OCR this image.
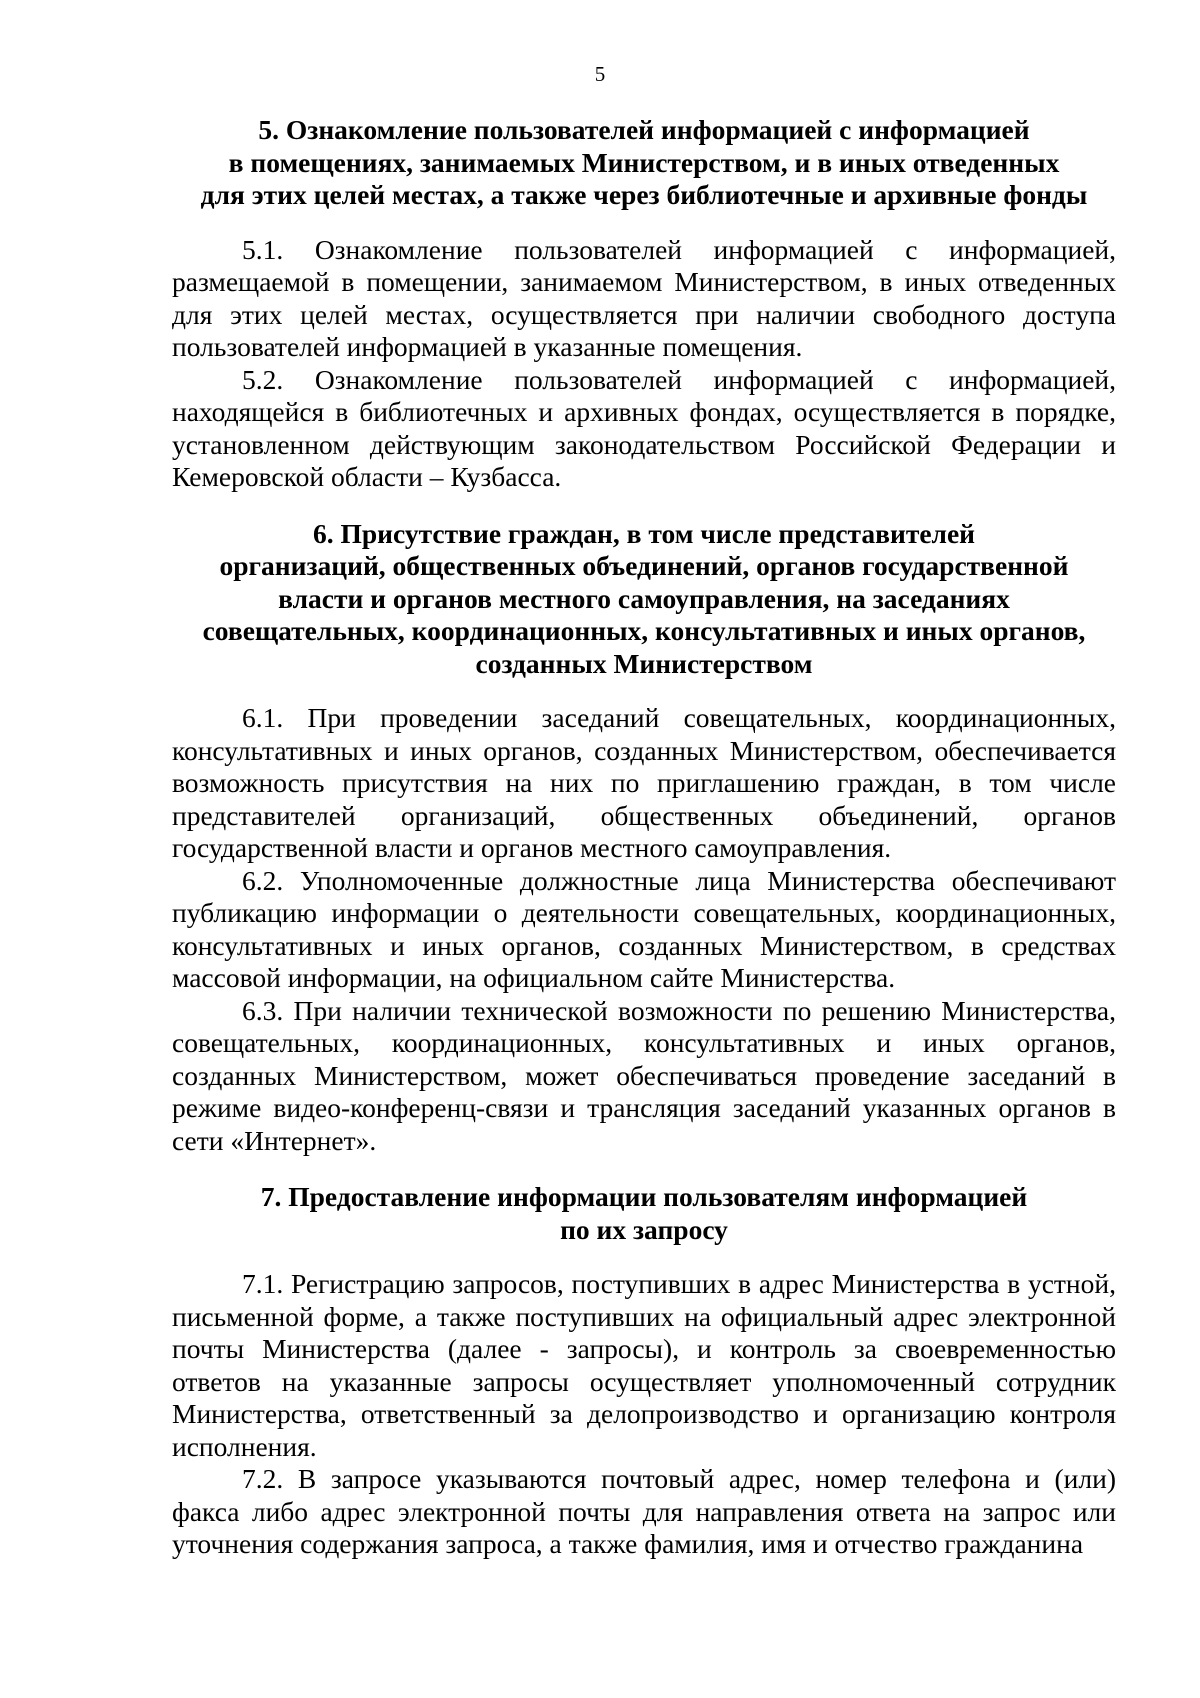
5
5. Ознакомление пользователей информацией с информацией
в помещениях, занимаемых Министерством, и в иных отведенных
для этих целей местах, а также через библиотечные и архивные фонды

5.1. Ознакомление пользователей информацией с информацией, размещаемой в помещении, занимаемом Министерством, в иных отведенных для этих целей местах, осуществляется при наличии свободного доступа пользователей информацией в указанные помещения.

5.2. Ознакомление пользователей информацией с информацией, находящейся в библиотечных и архивных фондах, осуществляется в порядке, установленном действующим законодательством Российской Федерации и Кемеровской области – Кузбасса.

6. Присутствие граждан, в том числе представителей
организаций, общественных объединений, органов государственной
власти и органов местного самоуправления, на заседаниях
совещательных, координационных, консультативных и иных органов,
созданных Министерством

6.1. При проведении заседаний совещательных, координационных, консультативных и иных органов, созданных Министерством, обеспечивается возможность присутствия на них по приглашению граждан, в том числе представителей организаций, общественных объединений, органов государственной власти и органов местного самоуправления.

6.2. Уполномоченные должностные лица Министерства обеспечивают публикацию информации о деятельности совещательных, координационных, консультативных и иных органов, созданных Министерством, в средствах массовой информации, на официальном сайте Министерства.

6.3. При наличии технической возможности по решению Министерства, совещательных, координационных, консультативных и иных органов, созданных Министерством, может обеспечиваться проведение заседаний в режиме видео-конференц-связи и трансляция заседаний указанных органов в сети «Интернет».

7. Предоставление информации пользователям информацией
по их запросу

7.1. Регистрацию запросов, поступивших в адрес Министерства в устной, письменной форме, а также поступивших на официальный адрес электронной почты Министерства (далее - запросы), и контроль за своевременностью ответов на указанные запросы осуществляет уполномоченный сотрудник Министерства, ответственный за делопроизводство и организацию контроля исполнения.

7.2. В запросе указываются почтовый адрес, номер телефона и (или) факса либо адрес электронной почты для направления ответа на запрос или уточнения содержания запроса, а также фамилия, имя и отчество гражданина
